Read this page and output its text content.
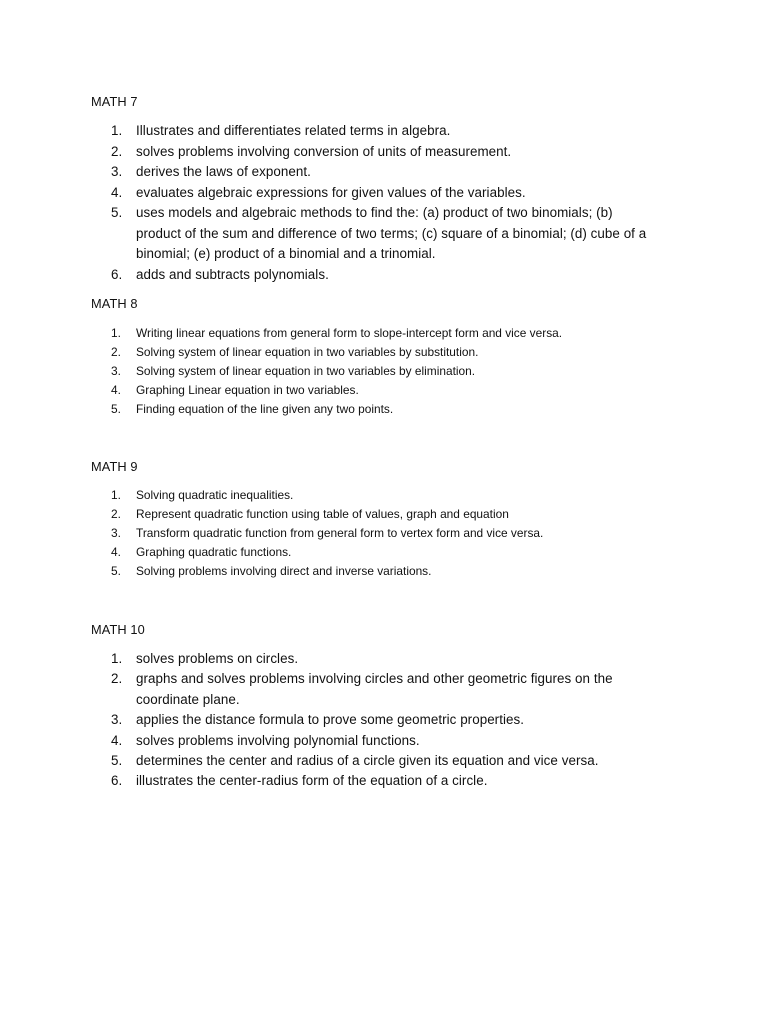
MATH 7
1. Illustrates and differentiates related terms in algebra.
2. solves problems involving conversion of units of measurement.
3. derives the laws of exponent.
4. evaluates algebraic expressions for given values of the variables.
5. uses models and algebraic methods to find the: (a) product of two binomials; (b)
product of the sum and difference of two terms; (c) square of a binomial; (d) cube of a
binomial; (e) product of a binomial and a trinomial.
6. adds and subtracts polynomials.
MATH 8
1. Writing linear equations from general form to slope-intercept form and vice versa.
2. Solving system of linear equation in two variables by substitution.
3. Solving system of linear equation in two variables by elimination.
4. Graphing Linear equation in two variables.
5. Finding equation of the line given any two points.
MATH 9
1. Solving quadratic inequalities.
2. Represent quadratic function using table of values, graph and equation
3. Transform quadratic function from general form to vertex form and vice versa.
4. Graphing quadratic functions.
5. Solving problems involving direct and inverse variations.
MATH 10
1. solves problems on circles.
2. graphs and solves problems involving circles and other geometric figures on the
coordinate plane.
3. applies the distance formula to prove some geometric properties.
4. solves problems involving polynomial functions.
5. determines the center and radius of a circle given its equation and vice versa.
6. illustrates the center-radius form of the equation of a circle.
